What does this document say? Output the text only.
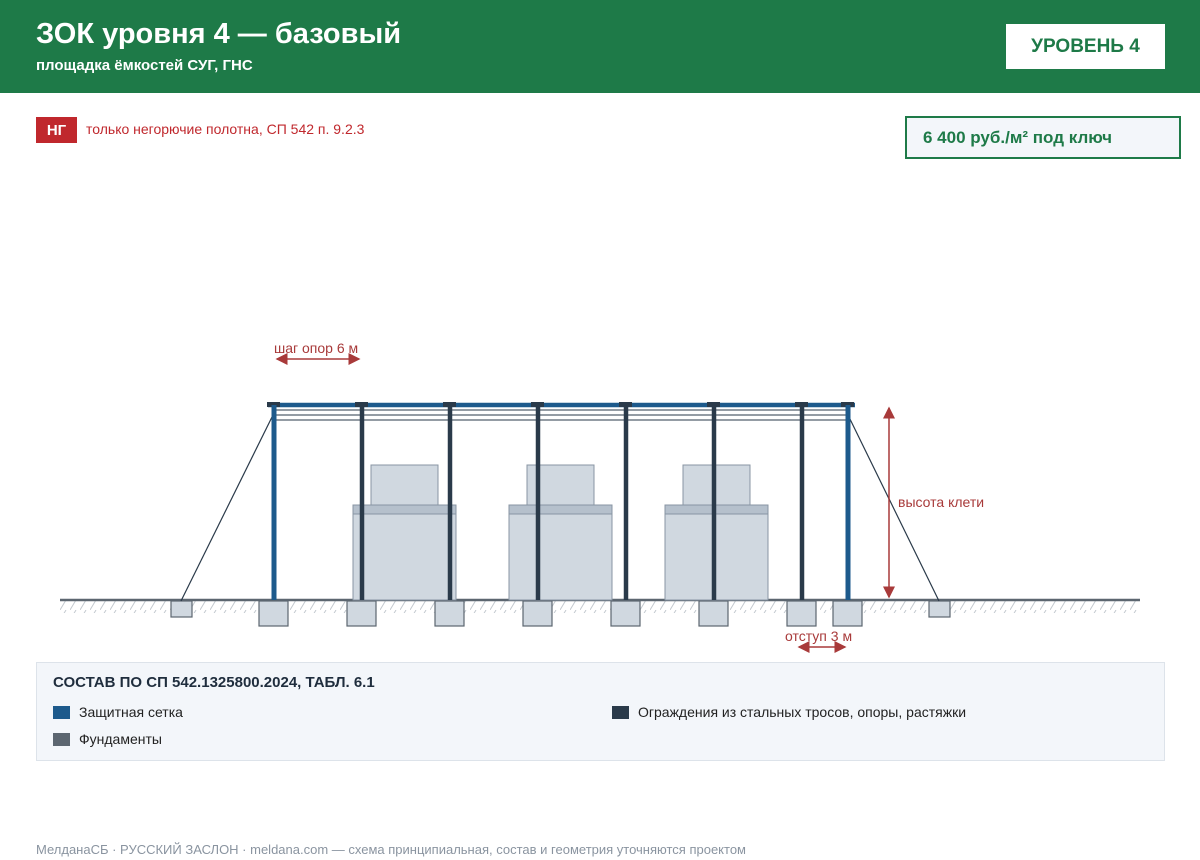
ЗОК уровня 4 — базовый
площадка ёмкостей СУГ, ГНС
УРОВЕНЬ 4
НГ	только негорючие полотна, СП 542 п. 9.2.3	6 400 руб./м² под ключ
шаг опор 6 м
высота клети
отступ 3 м
СОСТАВ ПО СП 542.1325800.2024, ТАБЛ. 6.1
Защитная сетка	Ограждения из стальных тросов, опоры, растяжки
Фундаменты
МелданаСБ · РУССКИЙ ЗАСЛОН · meldana.com — схема принципиальная, состав и геометрия уточняются проектом
